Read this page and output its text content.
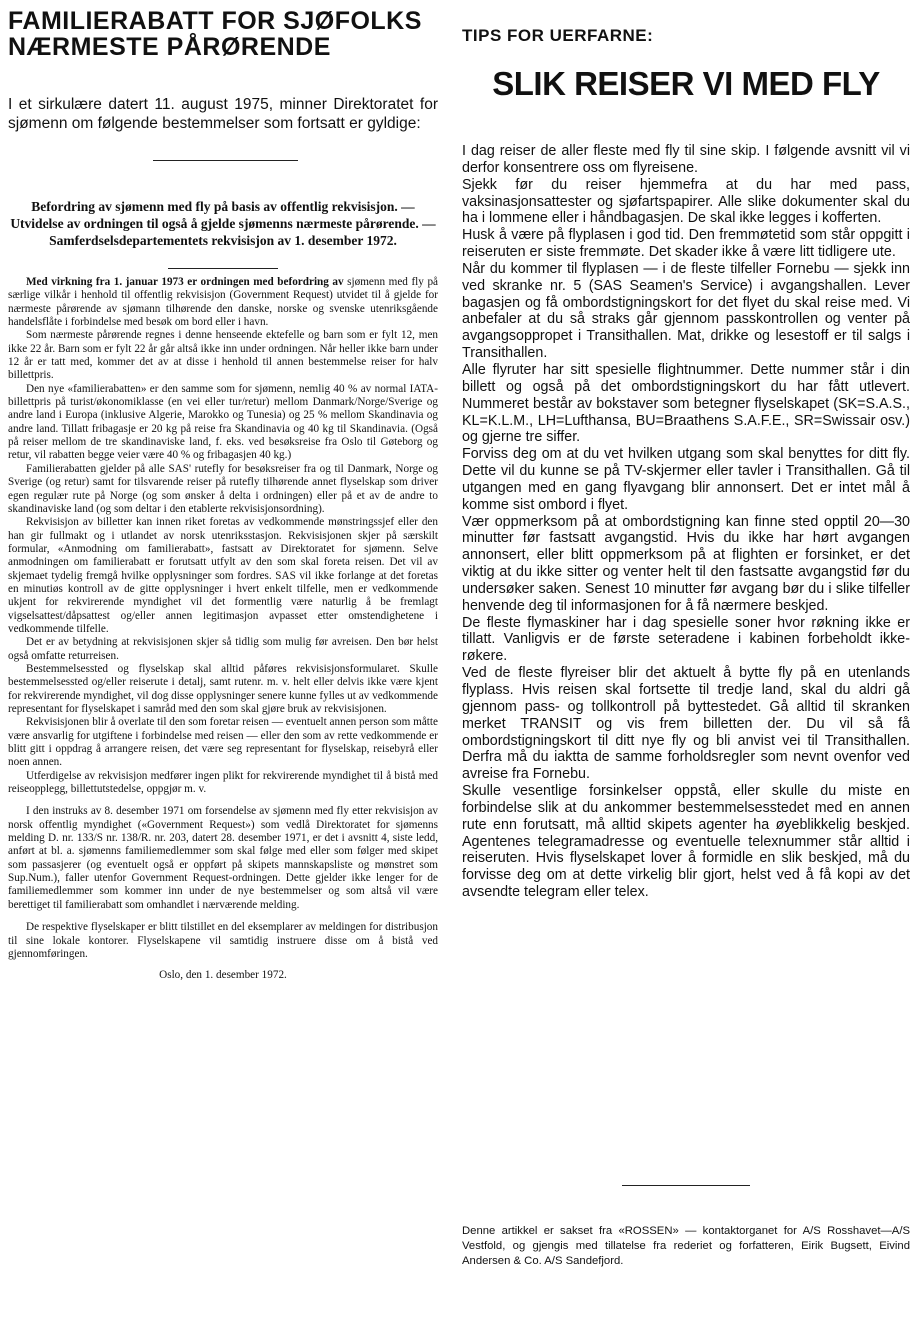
FAMILIERABATT FOR SJØFOLKS NÆRMESTE PÅRØRENDE
I et sirkulære datert 11. august 1975, minner Direktoratet for sjømenn om følgende bestemmelser som fortsatt er gyldige:
Befordring av sjømenn med fly på basis av offentlig rekvisisjon. — Utvidelse av ordningen til også å gjelde sjømenns nærmeste pårørende. — Samferdselsdepartementets rekvisisjon av 1. desember 1972.

Med virkning fra 1. januar 1973 er ordningen med befordring av sjømenn med fly på særlige vilkår i henhold til offentlig rekvisisjon (Government Request) utvidet til å gjelde for nærmeste pårørende av sjømann tilhørende den danske, norske og svenske utenriksgående handelsflåte i forbindelse med besøk om bord eller i havn.

Som nærmeste pårørende regnes i denne henseende ektefelle og barn som er fylt 12, men ikke 22 år. Barn som er fylt 22 år går altså ikke inn under ordningen. Når heller ikke barn under 12 år er tatt med, kommer det av at disse i henhold til annen bestemmelse reiser for halv billettpris.

Den nye «familierabatten» er den samme som for sjømenn, nemlig 40 % av normal IATA-billettpris på turist/økonomiklasse (en vei eller tur/retur) mellom Danmark/Norge/Sverige og andre land i Europa (inklusive Algerie, Marokko og Tunesia) og 25 % mellom Skandinavia og andre land. Tillatt fribagasje er 20 kg på reise fra Skandinavia og 40 kg til Skandinavia. (Også på reiser mellom de tre skandinaviske land, f. eks. ved besøksreise fra Oslo til Gøteborg og retur, vil rabatten begge veier være 40 % og fribagasjen 40 kg.)

Familierabatten gjelder på alle SAS' rutefly for besøksreiser fra og til Danmark, Norge og Sverige (og retur) samt for tilsvarende reiser på rutefly tilhørende annet flyselskap som driver egen regulær rute på Norge (og som ønsker å delta i ordningen) eller på et av de andre to skandinaviske land (og som deltar i den etablerte rekvisisjonsordning).

Rekvisisjon av billetter kan innen riket foretas av vedkommende mønstringssjef eller den han gir fullmakt og i utlandet av norsk utenriksstasjon. Rekvisisjonen skjer på særskilt formular, «Anmodning om familierabatt», fastsatt av Direktoratet for sjømenn. Selve anmodningen om familierabatt er forutsatt utfylt av den som skal foreta reisen. Det vil av skjemaet tydelig fremgå hvilke opplysninger som fordres. SAS vil ikke forlange at det foretas en minutiøs kontroll av de gitte opplysninger i hvert enkelt tilfelle, men er vedkommende ukjent for rekvirerende myndighet vil det formentlig være naturlig å be fremlagt vigselsattest/dåpsattest og/eller annen legitimasjon avpasset etter omstendighetene i vedkommende tilfelle.

Det er av betydning at rekvisisjonen skjer så tidlig som mulig før avreisen. Den bør helst også omfatte returreisen.

Bestemmelsessted og flyselskap skal alltid påføres rekvisisjonsformularet. Skulle bestemmelsessted og/eller reiserute i detalj, samt rutenr. m. v. helt eller delvis ikke være kjent for rekvirerende myndighet, vil dog disse opplysninger senere kunne fylles ut av vedkommende representant for flyselskapet i samråd med den som skal gjøre bruk av rekvisisjonen.

Rekvisisjonen blir å overlate til den som foretar reisen — eventuelt annen person som måtte være ansvarlig for utgiftene i forbindelse med reisen — eller den som av rette vedkommende er blitt gitt i oppdrag å arrangere reisen, det være seg representant for flyselskap, reisebyrå eller noen annen.

Utferdigelse av rekvisisjon medfører ingen plikt for rekvirerende myndighet til å bistå med reiseopplegg, billettutstedelse, oppgjør m. v.

I den instruks av 8. desember 1971 om forsendelse av sjømenn med fly etter rekvisisjon av norsk offentlig myndighet («Government Request») som vedlå Direktoratet for sjømenns melding D. nr. 133/S nr. 138/R. nr. 203, datert 28. desember 1971, er det i avsnitt 4, siste ledd, anført at bl. a. sjømenns familiemedlemmer som skal følge med eller som følger med skipet som passasjerer (og eventuelt også er oppført på skipets mannskapsliste og mønstret som Sup.Num.), faller utenfor Government Request-ordningen. Dette gjelder ikke lenger for de familiemedlemmer som kommer inn under de nye bestemmelser og som altså vil være berettiget til familierabatt som omhandlet i nærværende melding.

De respektive flyselskaper er blitt tilstillet en del eksemplarer av meldingen for distribusjon til sine lokale kontorer. Flyselskapene vil samtidig instruere disse om å bistå ved gjennomføringen.

Oslo, den 1. desember 1972.

TIPS FOR UERFARNE:
SLIK REISER VI MED FLY

I dag reiser de aller fleste med fly til sine skip. I følgende avsnitt vil vi derfor konsentrere oss om flyreisene.

Sjekk før du reiser hjemmefra at du har med pass, vaksinasjonsattester og sjøfartspapirer. Alle slike dokumenter skal du ha i lommene eller i håndbagasjen. De skal ikke legges i kofferten.

Husk å være på flyplasen i god tid. Den fremmøtetid som står oppgitt i reiseruten er siste fremmøte. Det skader ikke å være litt tidligere ute.

Når du kommer til flyplasen — i de fleste tilfeller Fornebu — sjekk inn ved skranke nr. 5 (SAS Seamen's Service) i avgangshallen. Lever bagasjen og få ombordstigningskort for det flyet du skal reise med. Vi anbefaler at du så straks går gjennom passkontrollen og venter på avgangsoppropet i Transithallen. Mat, drikke og lesestoff er til salgs i Transithallen.

Alle flyruter har sitt spesielle flightnummer. Dette nummer står i din billett og også på det ombordstigningskort du har fått utlevert. Nummeret består av bokstaver som betegner flyselskapet (SK=S.A.S., KL=K.L.M., LH=Lufthansa, BU=Braathens S.A.F.E., SR=Swissair osv.) og gjerne tre siffer.

Forviss deg om at du vet hvilken utgang som skal benyttes for ditt fly. Dette vil du kunne se på TV-skjermer eller tavler i Transithallen. Gå til utgangen med en gang flyavgang blir annonsert. Det er intet mål å komme sist ombord i flyet.

Vær oppmerksom på at ombordstigning kan finne sted opptil 20—30 minutter før fastsatt avgangstid. Hvis du ikke har hørt avgangen annonsert, eller blitt oppmerksom på at flighten er forsinket, er det viktig at du ikke sitter og venter helt til den fastsatte avgangstid før du undersøker saken. Senest 10 minutter før avgang bør du i slike tilfeller henvende deg til informasjonen for å få nærmere beskjed.

De fleste flymaskiner har i dag spesielle soner hvor røkning ikke er tillatt. Vanligvis er de første seteradene i kabinen forbeholdt ikke-røkere.

Ved de fleste flyreiser blir det aktuelt å bytte fly på en utenlands flyplass. Hvis reisen skal fortsette til tredje land, skal du aldri gå gjennom pass- og tollkontroll på byttestedet. Gå alltid til skranken merket TRANSIT og vis frem billetten der. Du vil så få ombordstigningskort til ditt nye fly og bli anvist vei til Transithallen. Derfra må du iaktta de samme forholdsregler som nevnt ovenfor ved avreise fra Fornebu.

Skulle vesentlige forsinkelser oppstå, eller skulle du miste en forbindelse slik at du ankommer bestemmelsesstedet med en annen rute enn forutsatt, må alltid skipets agenter ha øyeblikkelig beskjed. Agentenes telegramadresse og eventuelle telexnummer står alltid i reiseruten. Hvis flyselskapet lover å formidle en slik beskjed, må du forvisse deg om at dette virkelig blir gjort, helst ved å få kopi av det avsendte telegram eller telex.

Denne artikkel er sakset fra «ROSSEN» — kontaktorganet for A/S Rosshavet—A/S Vestfold, og gjengis med tillatelse fra rederiet og forfatteren, Eirik Bugsett, Eivind Andersen & Co. A/S Sandefjord.
